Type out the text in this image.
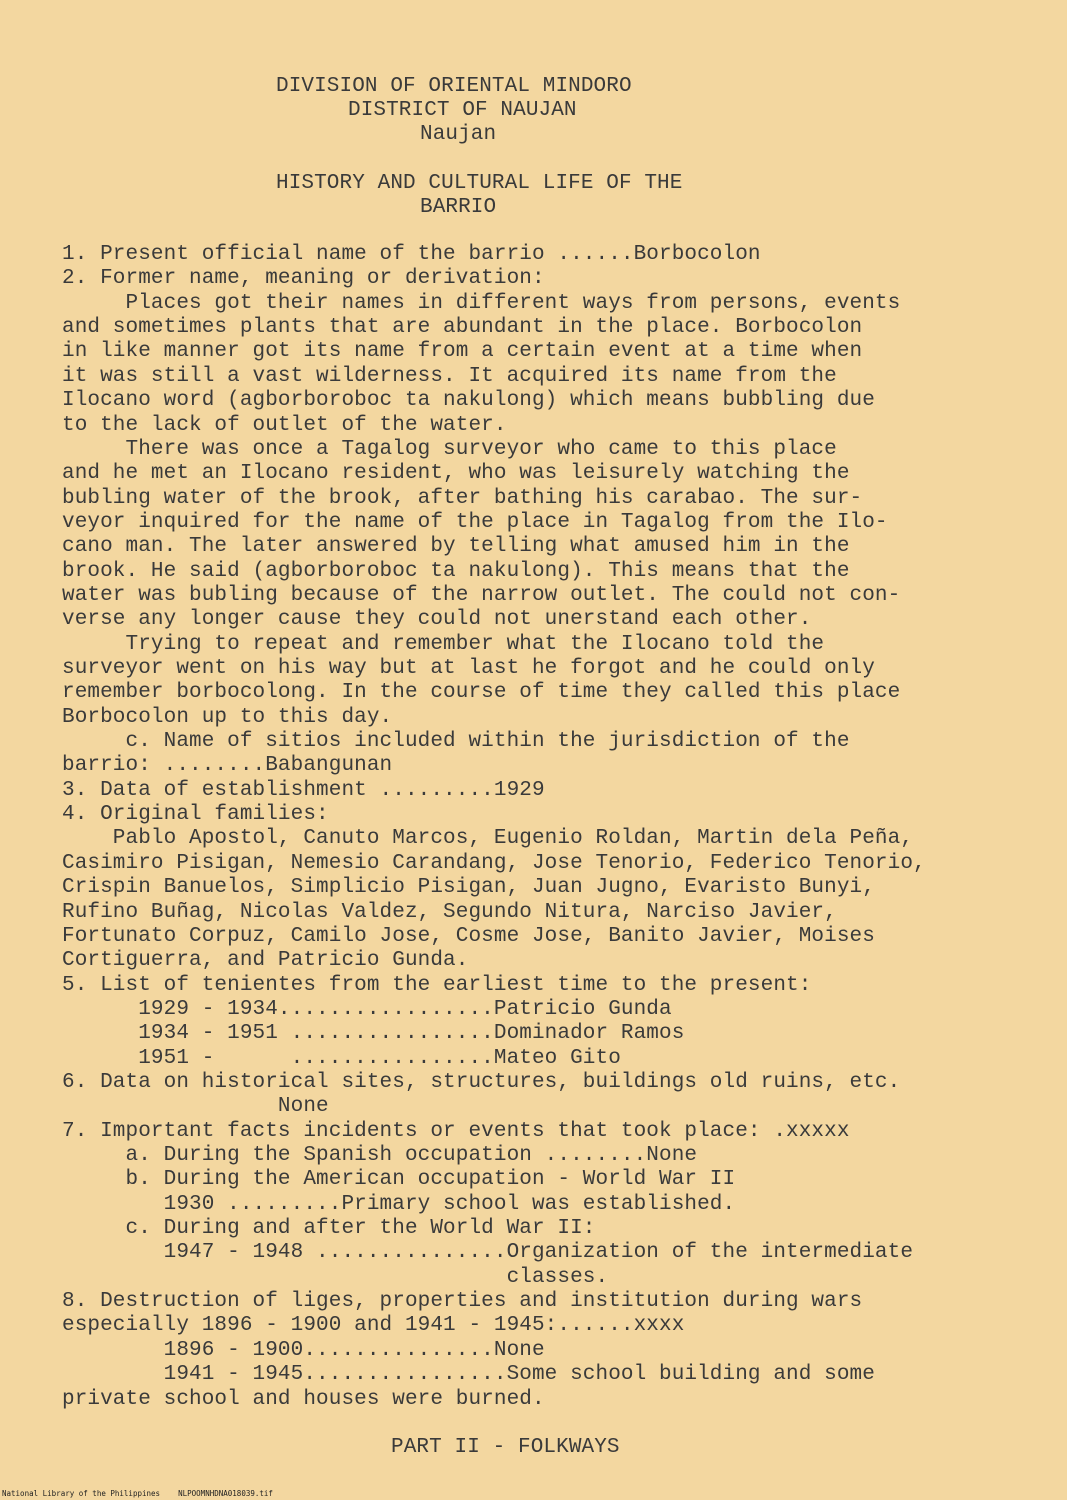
DIVISION OF ORIENTAL MINDORO

DISTRICT OF NAUJAN

Naujan

HISTORY AND CULTURAL LIFE OF THE

BARRIO

1. Present official name of the barrio ......Borbocolon

2. Former name, meaning or derivation:

Places got their names in different ways from persons, events

and sometimes plants that are abundant in the place. Borbocolon

in like manner got its name from a certain event at a time when

it was still a vast wilderness. It acquired its name from the

Ilocano word (agborboroboc ta nakulong) which means bubbling due

to the lack of outlet of the water.

There was once a Tagalog surveyor who came to this place

and he met an Ilocano resident, who was leisurely watching the

bubling water of the brook, after bathing his carabao. The sur-

veyor inquired for the name of the place in Tagalog from the Ilo-

cano man. The later answered by telling what amused him in the

brook. He said (agborboroboc ta nakulong). This means that the

water was bubling because of the narrow outlet. The could not con-

verse any longer cause they could not unerstand each other.

Trying to repeat and remember what the Ilocano told the

surveyor went on his way but at last he forgot and he could only

remember borbocolong. In the course of time they called this place

Borbocolon up to this day.

c. Name of sitios included within the jurisdiction of the

barrio: ........Babangunan

3. Data of establishment .........1929

4. Original families:

Pablo Apostol, Canuto Marcos, Eugenio Roldan, Martin dela Peña,

Casimiro Pisigan, Nemesio Carandang, Jose Tenorio, Federico Tenorio,

Crispin Banuelos, Simplicio Pisigan, Juan Jugno, Evaristo Bunyi,

Rufino Buñag, Nicolas Valdez, Segundo Nitura, Narciso Javier,

Fortunato Corpuz, Camilo Jose, Cosme Jose, Banito Javier, Moises

Cortiguerra, and Patricio Gunda.

5. List of tenientes from the earliest time to the present:

1929 - 1934.................Patricio Gunda

1934 - 1951 ................Dominador Ramos

1951 -      ................Mateo Gito

6. Data on historical sites, structures, buildings old ruins, etc.

None

7. Important facts incidents or events that took place: .xxxxx

a. During the Spanish occupation ........None

b. During the American occupation - World War II

1930 .........Primary school was established.

c. During and after the World War II:

1947 - 1948 ...............Organization of the intermediate

classes.

8. Destruction of liges, properties and institution during wars

especially 1896 - 1900 and 1941 - 1945:......xxxx

1896 - 1900...............None

1941 - 1945................Some school building and some

private school and houses were burned.

PART II - FOLKWAYS

National Library of the Philippines    NLPOOMNHDNA018039.tif
